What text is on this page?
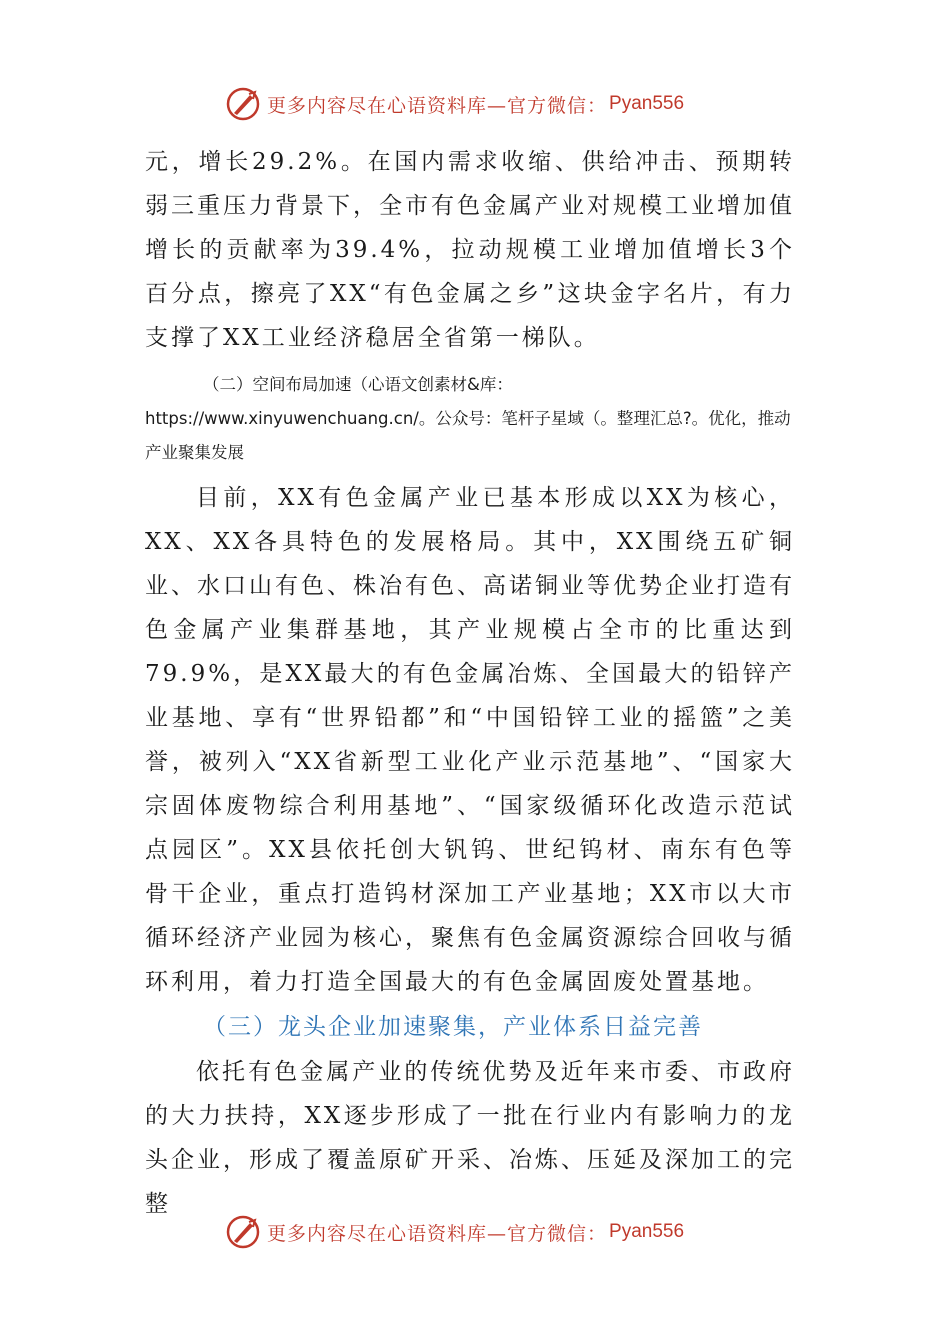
更多内容尽在心语资料库—官方微信： Pyan556

元，增长29.2%。在国内需求收缩、供给冲击、预期转弱三重压力背景下，全市有色金属产业对规模工业增加值增长的贡献率为39.4%，拉动规模工业增加值增长3个百分点，擦亮了XX“有色金属之乡”这块金字名片，有力支撑了XX工业经济稳居全省第一梯队。

（二）空间布局加速（心语文创素材&库：https://www.xinyuwenchuang.cn/。公众号：笔杆子星域（。整理汇总?。优化，推动产业聚集发展

目前，XX有色金属产业已基本形成以XX为核心，XX、XX各具特色的发展格局。其中，XX围绕五矿铜业、水口山有色、株冶有色、高诺铜业等优势企业打造有色金属产业集群基地，其产业规模占全市的比重达到79.9%，是XX最大的有色金属冶炼、全国最大的铅锌产业基地、享有“世界铅都”和“中国铅锌工业的摇篮”之美誉，被列入“XX省新型工业化产业示范基地”、“国家大宗固体废物综合利用基地”、“国家级循环化改造示范试点园区”。XX县依托创大钒钨、世纪钨材、南东有色等骨干企业，重点打造钨材深加工产业基地；XX市以大市循环经济产业园为核心，聚焦有色金属资源综合回收与循环利用，着力打造全国最大的有色金属固废处置基地。

（三）龙头企业加速聚集，产业体系日益完善

依托有色金属产业的传统优势及近年来市委、市政府的大力扶持，XX逐步形成了一批在行业内有影响力的龙头企业，形成了覆盖原矿开采、冶炼、压延及深加工的完整

更多内容尽在心语资料库—官方微信： Pyan556
